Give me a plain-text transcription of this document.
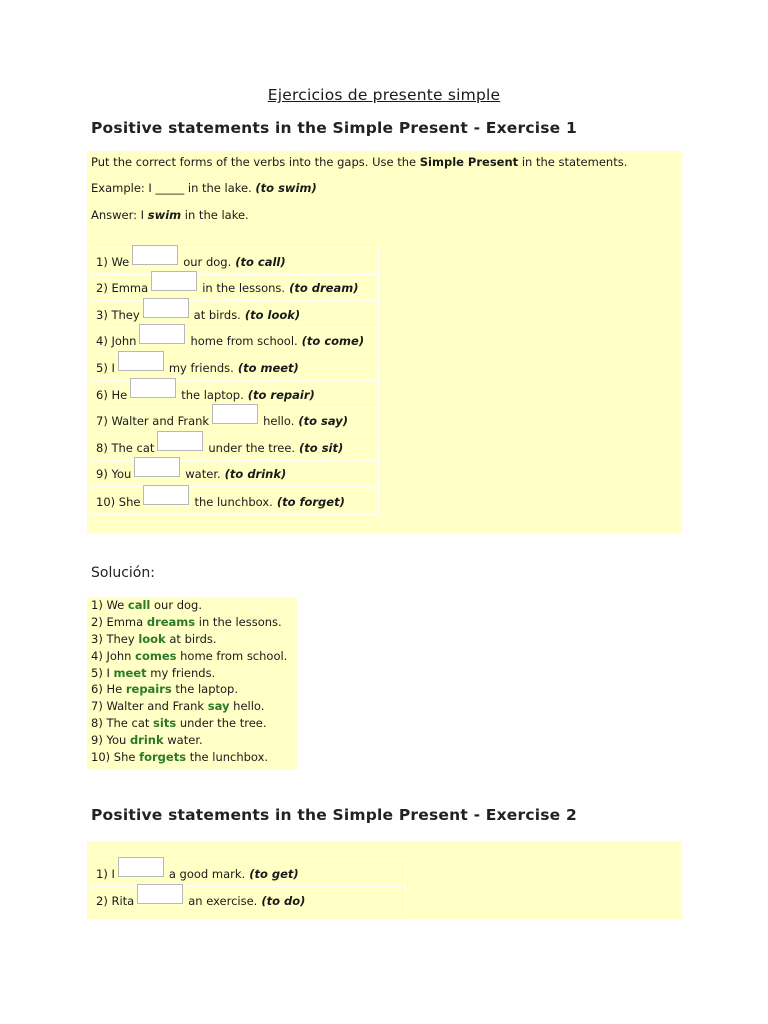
Ejercicios de presente simple
Positive statements in the Simple Present - Exercise 1
Put the correct forms of the verbs into the gaps. Use the Simple Present in the statements.
Example: I _____ in the lake. (to swim)
Answer: I swim in the lake.
1) We	our dog. (to call)
2) Emma	in the lessons. (to dream)
3) They	at birds. (to look)
4) John	home from school. (to come)
5) I	my friends. (to meet)
6) He	the laptop. (to repair)
7) Walter and Frank	hello. (to say)
8) The cat	under the tree. (to sit)
9) You	water. (to drink)
10) She	the lunchbox. (to forget)
Solución:
1) We call our dog.
2) Emma dreams in the lessons.
3) They look at birds.
4) John comes home from school.
5) I meet my friends.
6) He repairs the laptop.
7) Walter and Frank say hello.
8) The cat sits under the tree.
9) You drink water.
10) She forgets the lunchbox.
Positive statements in the Simple Present - Exercise 2
1) I	a good mark. (to get)
2) Rita	an exercise. (to do)
